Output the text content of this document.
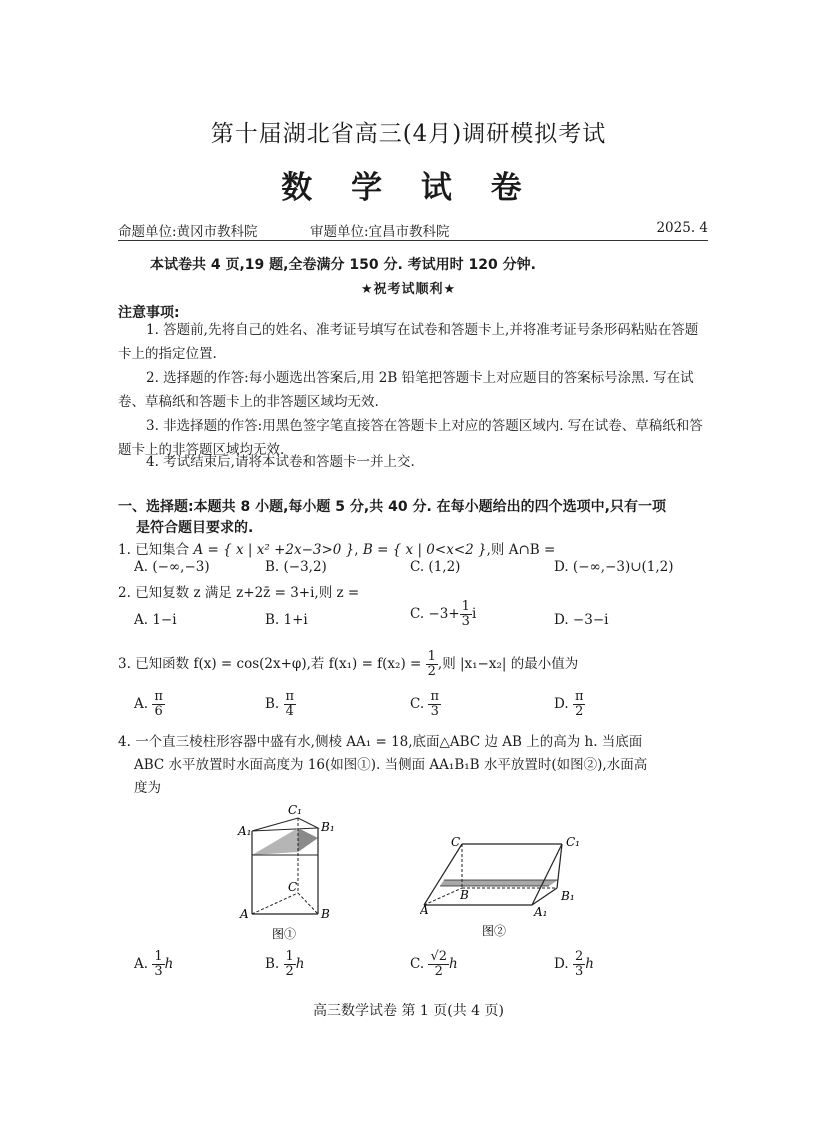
第十届湖北省高三(4月)调研模拟考试
数 学 试 卷
命题单位:黄冈市教科院	审题单位:宜昌市教科院	2025. 4
本试卷共 4 页,19 题,全卷满分 150 分. 考试用时 120 分钟.
★祝考试顺利★
注意事项:
1. 答题前,先将自己的姓名、准考证号填写在试卷和答题卡上,并将准考证号条形码粘贴在答题卡上的指定位置.
2. 选择题的作答:每小题选出答案后,用 2B 铅笔把答题卡上对应题目的答案标号涂黑. 写在试卷、草稿纸和答题卡上的非答题区域均无效.
3. 非选择题的作答:用黑色签字笔直接答在答题卡上对应的答题区域内. 写在试卷、草稿纸和答题卡上的非答题区域均无效.
4. 考试结束后,请将本试卷和答题卡一并上交.
一、选择题:本题共 8 小题,每小题 5 分,共 40 分. 在每小题给出的四个选项中,只有一项
是符合题目要求的.
1. 已知集合 A = { x | x² +2x−3>0 }, B = { x | 0<x<2 },则 A∩B =
A. (−∞,−3)	B. (−3,2)	C. (1,2)	D. (−∞,−3)∪(1,2)
2. 已知复数 z 满足 z+2z̄ = 3+i,则 z =
A. 1−i	B. 1+i	C. $-3+ \frac{1}{3}$ i	D. −3−i
3. 已知函数 f(x) = cos(2x+φ),若 $f(x_1) = f(x_2) = \frac{1}{2}$ ,则 |x₁−x₂| 的最小值为
A. $\frac{\pi}{6}$	B. $\frac{\pi}{4}$	C. $\frac{\pi}{3}$	D. $\frac{\pi}{2}$
4. 一个直三棱柱形容器中盛有水,侧棱 AA₁ = 18,底面△ABC 边 AB 上的高为 h. 当底面
ABC 水平放置时水面高度为 16(如图①). 当侧面 AA₁B₁B 水平放置时(如图②),水面高
度为
C₁
A₁	B₁
C
A	B
图①
C	C₁
B	B₁
A	A₁
图②
A. $\frac{1}{3}$ h	B. $\frac{1}{2}$ h	C. $\frac{√2}{2}$ h	D. $\frac{2}{3}$ h
高三数学试卷 第 1 页(共 4 页)
